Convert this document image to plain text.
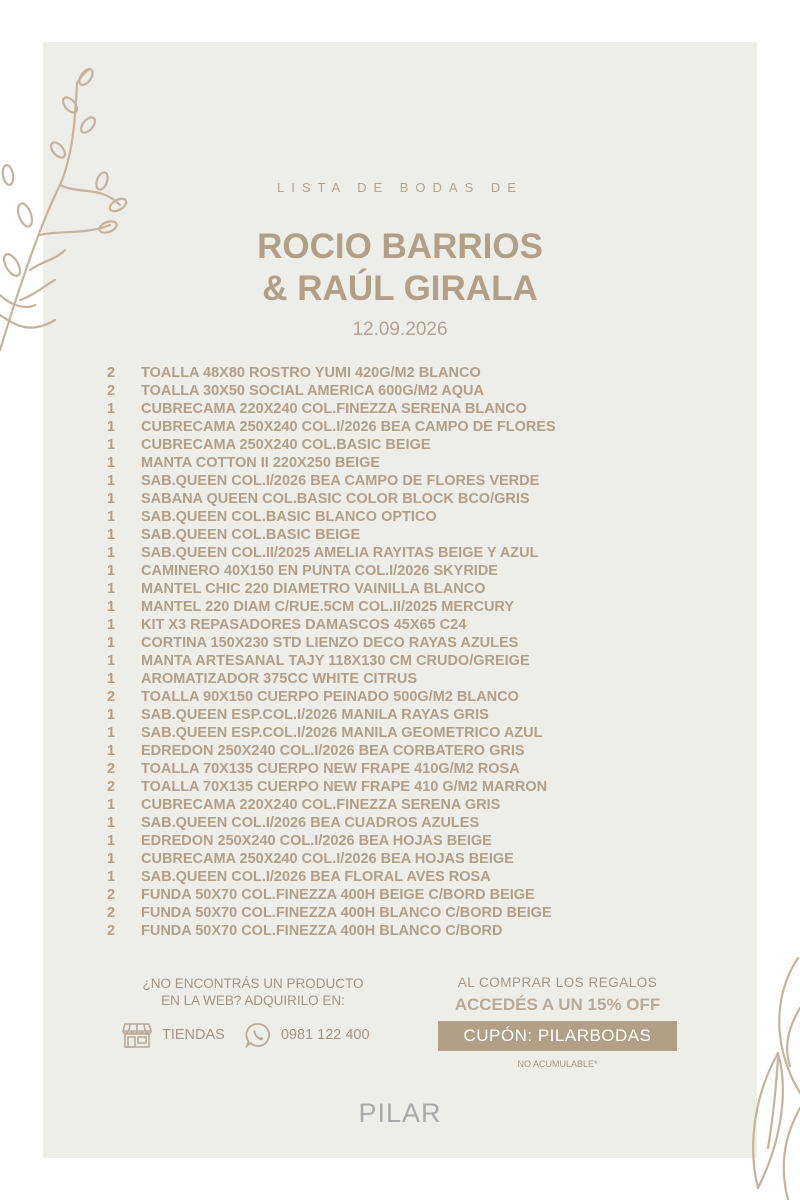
LISTA DE BODAS DE
ROCIO BARRIOS
& RAÚL GIRALA
12.09.2026
2 TOALLA 48X80 ROSTRO YUMI 420G/M2 BLANCO
2 TOALLA 30X50 SOCIAL AMERICA 600G/M2 AQUA
1 CUBRECAMA 220X240 COL.FINEZZA SERENA BLANCO
1 CUBRECAMA 250X240 COL.I/2026 BEA CAMPO DE FLORES
1 CUBRECAMA 250X240 COL.BASIC BEIGE
1 MANTA COTTON II 220X250 BEIGE
1 SAB.QUEEN COL.I/2026 BEA CAMPO DE FLORES VERDE
1 SABANA QUEEN COL.BASIC COLOR BLOCK BCO/GRIS
1 SAB.QUEEN COL.BASIC BLANCO OPTICO
1 SAB.QUEEN COL.BASIC BEIGE
1 SAB.QUEEN COL.II/2025 AMELIA RAYITAS BEIGE Y AZUL
1 CAMINERO 40X150 EN PUNTA COL.I/2026 SKYRIDE
1 MANTEL CHIC 220 DIAMETRO VAINILLA BLANCO
1 MANTEL 220 DIAM C/RUE.5CM COL.II/2025 MERCURY
1 KIT X3 REPASADORES DAMASCOS 45X65 C24
1 CORTINA 150X230 STD LIENZO DECO RAYAS AZULES
1 MANTA ARTESANAL TAJY 118X130 CM CRUDO/GREIGE
1 AROMATIZADOR 375CC WHITE CITRUS
2 TOALLA 90X150 CUERPO PEINADO 500G/M2 BLANCO
1 SAB.QUEEN ESP.COL.I/2026 MANILA RAYAS GRIS
1 SAB.QUEEN ESP.COL.I/2026 MANILA GEOMETRICO AZUL
1 EDREDON 250X240 COL.I/2026 BEA CORBATERO GRIS
2 TOALLA 70X135 CUERPO NEW FRAPE 410G/M2 ROSA
2 TOALLA 70X135 CUERPO NEW FRAPE 410 G/M2 MARRON
1 CUBRECAMA 220X240 COL.FINEZZA SERENA GRIS
1 SAB.QUEEN COL.I/2026 BEA CUADROS AZULES
1 EDREDON 250X240 COL.I/2026 BEA HOJAS BEIGE
1 CUBRECAMA 250X240 COL.I/2026 BEA HOJAS BEIGE
1 SAB.QUEEN COL.I/2026 BEA FLORAL AVES ROSA
2 FUNDA 50X70 COL.FINEZZA 400H BEIGE C/BORD BEIGE
2 FUNDA 50X70 COL.FINEZZA 400H BLANCO C/BORD BEIGE
2 FUNDA 50X70 COL.FINEZZA 400H BLANCO C/BORD
¿NO ENCONTRÁS UN PRODUCTO
EN LA WEB? ADQUIRILO EN:
TIENDAS	0981 122 400
AL COMPRAR LOS REGALOS
ACCEDÉS A UN 15% OFF
CUPÓN: PILARBODAS
NO ACUMULABLE*
PILAR
